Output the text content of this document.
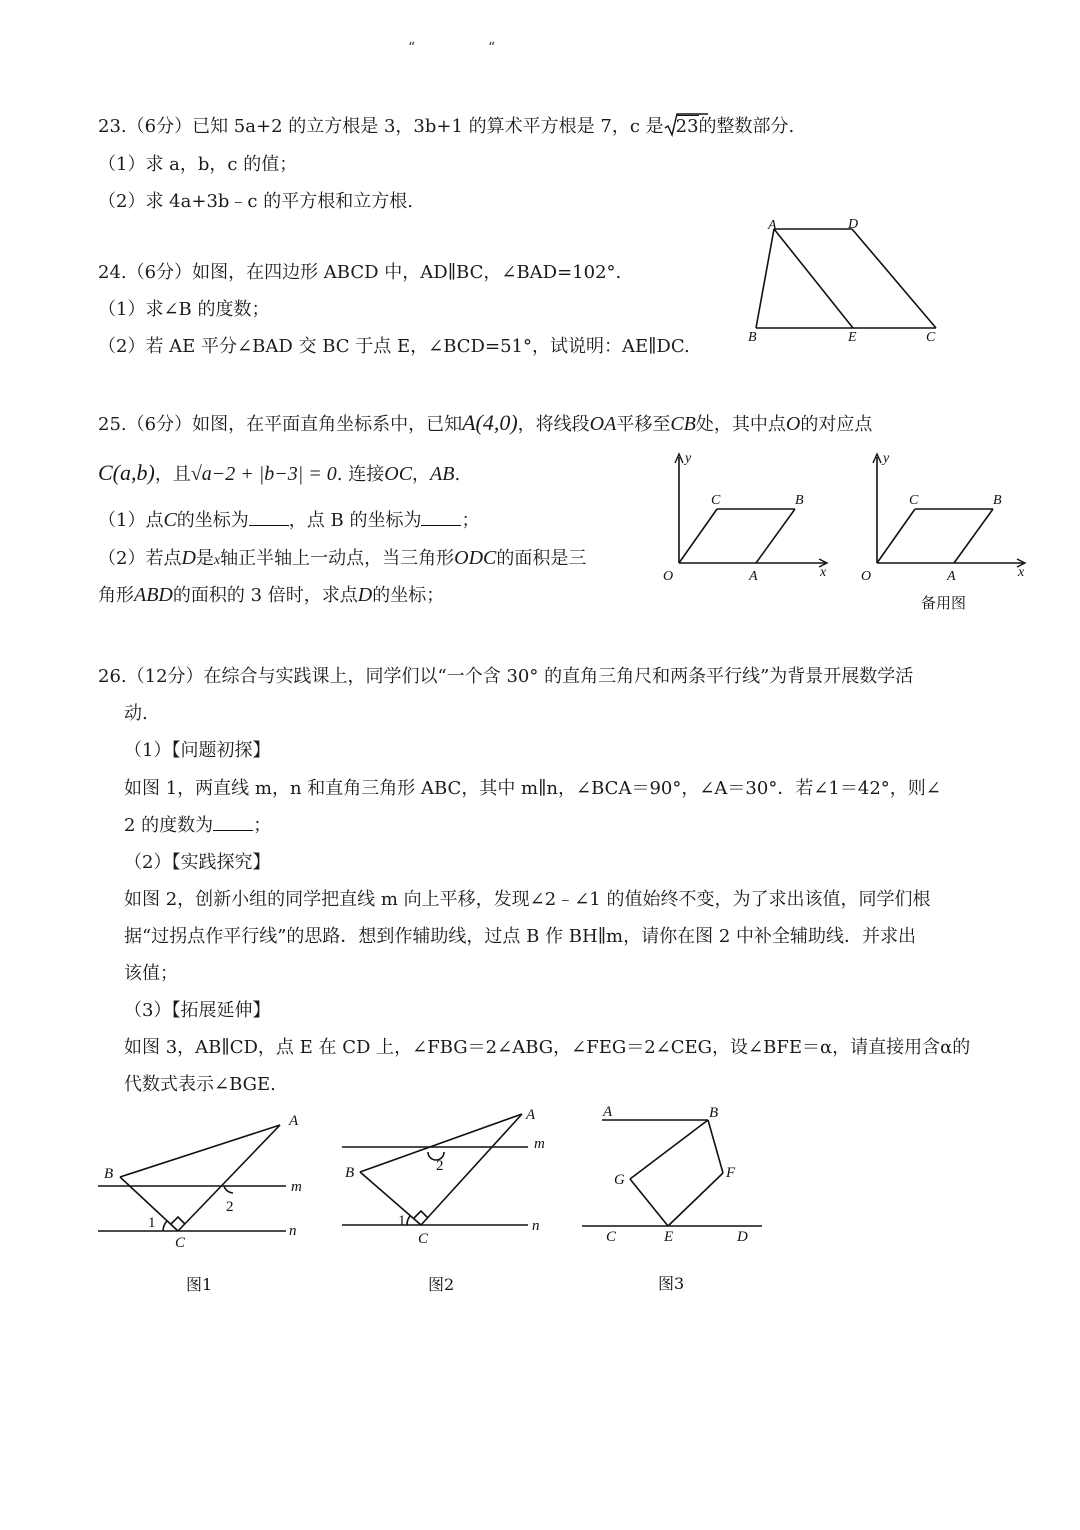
“	“
23.（6分）已知 5a+2 的立方根是 3，3b+1 的算术平方根是 7，c 是 23的整数部分.
（1）求 a，b，c 的值；
（2）求 4a+3b﹣c 的平方根和立方根.
24.（6分）如图，在四边形 ABCD 中，AD∥BC，∠BAD=102°.
（1）求∠B 的度数；
（2）若 AE 平分∠BAD 交 BC 于点 E，∠BCD=51°，试说明：AE∥DC.
A	D
B	E	C
25.（6分）如图，在平面直角坐标系中，已知A(4,0)，将线段OA平移至CB处，其中点O的对应点
C(a,b)，且√a−2 + |b−3| = 0. 连接OC，AB.
（1）点C的坐标为 ，点 B 的坐标为 ；
（2）若点D是x轴正半轴上一动点，当三角形ODC的面积是三
角形ABD的面积的 3 倍时，求点D的坐标；
y
x
O	A
B
C
y
x
O	A
B
C
备用图
26.（12分）在综合与实践课上，同学们以“一个含 30° 的直角三角尺和两条平行线”为背景开展数学活
动.
（1）【问题初探】
如图 1，两直线 m，n 和直角三角形 ABC，其中 m∥n，∠BCA＝90°，∠A＝30°．若∠1＝42°，则∠
2 的度数为 ；
（2）【实践探究】
如图 2，创新小组的同学把直线 m 向上平移，发现∠2﹣∠1 的值始终不变，为了求出该值，同学们根
据“过拐点作平行线”的思路．想到作辅助线，过点 B 作 BH∥m，请你在图 2 中补全辅助线．并求出
该值；
（3）【拓展延伸】
如图 3，AB∥CD，点 E 在 CD 上，∠FBG＝2∠ABG，∠FEG＝2∠CEG，设∠BFE＝α，请直接用含α的
代数式表示∠BGE.
A
B
C
m
n
1
2
图1
A
B
C
m
n
1
2
图2
A	B
G	F
C	E	D
图3
